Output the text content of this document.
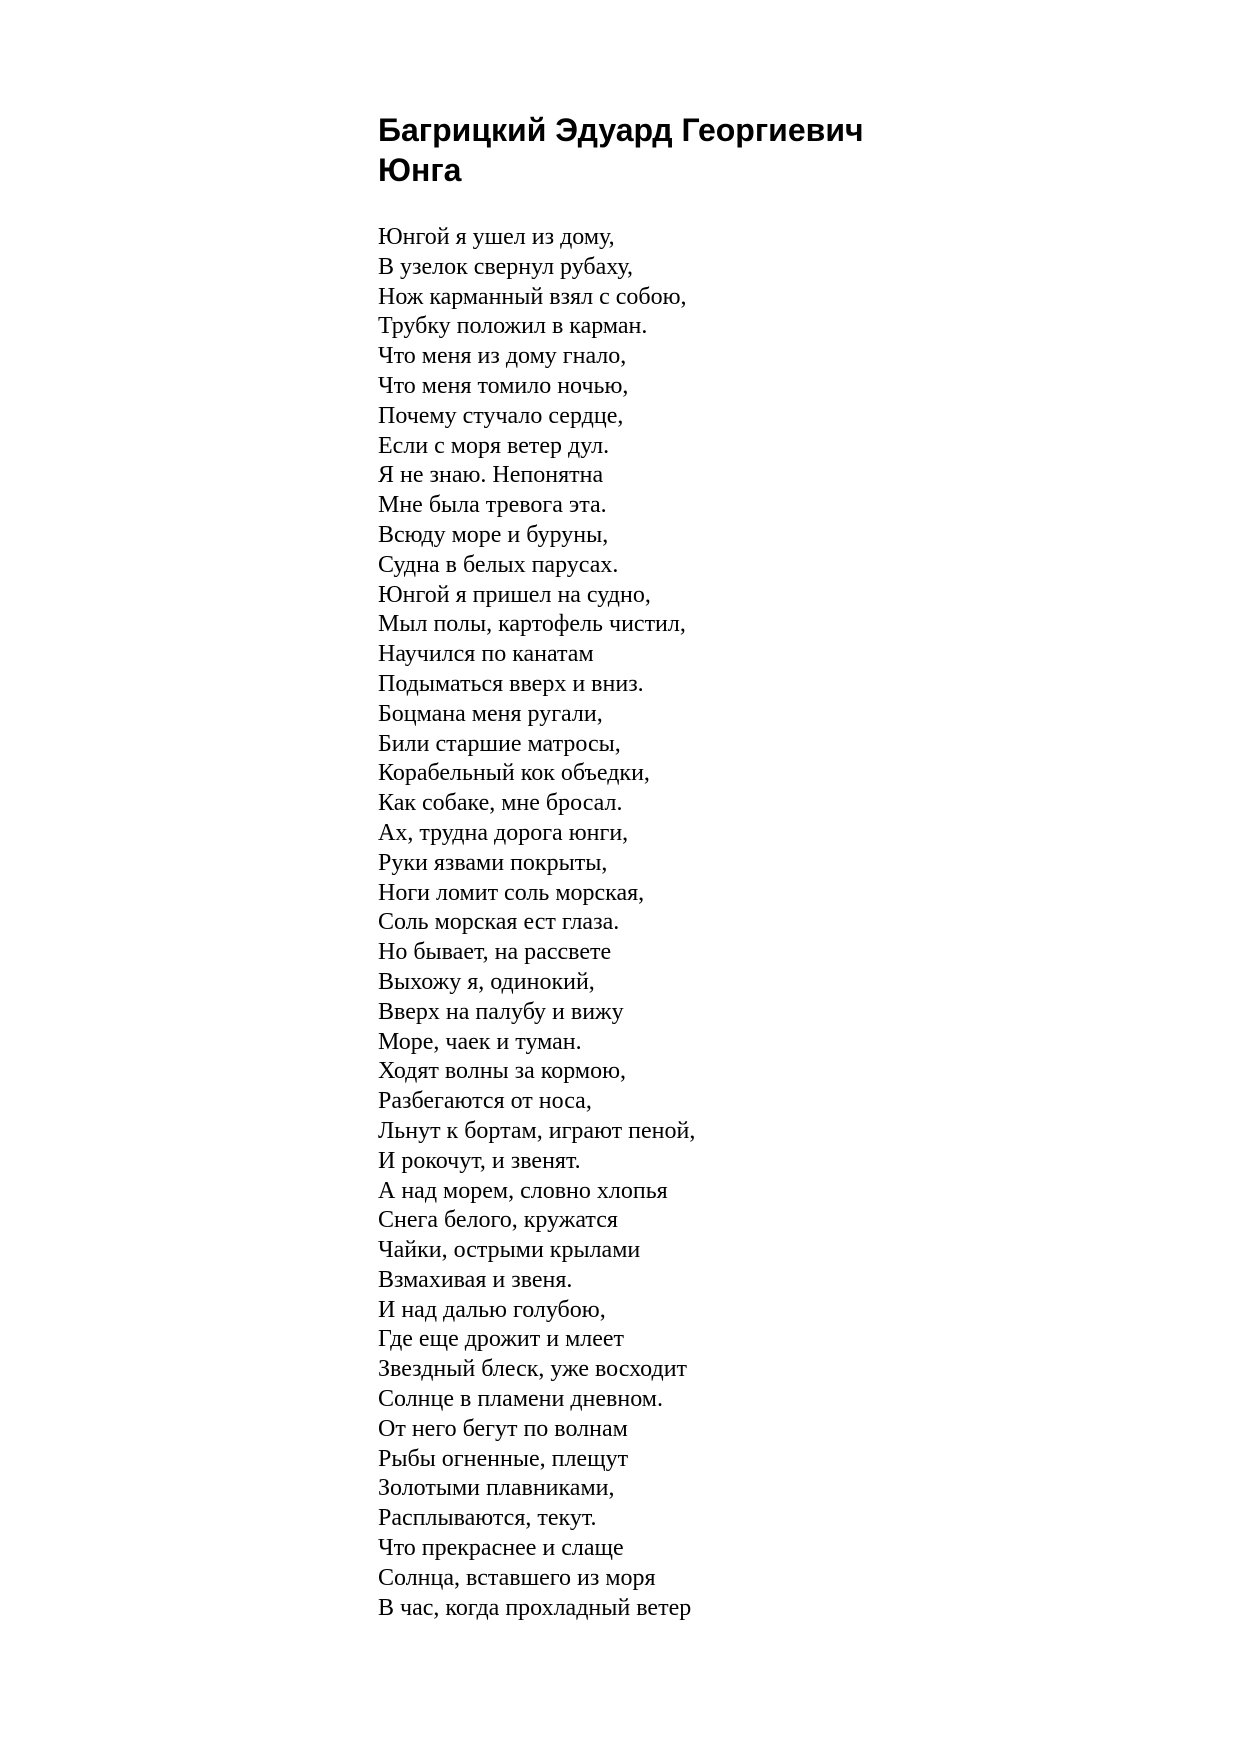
Багрицкий Эдуард Георгиевич
Юнга
Юнгой я ушел из дому,
В узелок свернул рубаху,
Нож карманный взял с собою,
Трубку положил в карман.
Что меня из дому гнало,
Что меня томило ночью,
Почему стучало сердце,
Если с моря ветер дул.
Я не знаю. Непонятна
Мне была тревога эта.
Всюду море и буруны,
Судна в белых парусах.
Юнгой я пришел на судно,
Мыл полы, картофель чистил,
Научился по канатам
Подыматься вверх и вниз.
Боцмана меня ругали,
Били старшие матросы,
Корабельный кок объедки,
Как собаке, мне бросал.
Ах, трудна дорога юнги,
Руки язвами покрыты,
Ноги ломит соль морская,
Соль морская ест глаза.
Но бывает, на рассвете
Выхожу я, одинокий,
Вверх на палубу и вижу
Море, чаек и туман.
Ходят волны за кормою,
Разбегаются от носа,
Льнут к бортам, играют пеной,
И рокочут, и звенят.
А над морем, словно хлопья
Снега белого, кружатся
Чайки, острыми крылами
Взмахивая и звеня.
И над далью голубою,
Где еще дрожит и млеет
Звездный блеск, уже восходит
Солнце в пламени дневном.
От него бегут по волнам
Рыбы огненные, плещут
Золотыми плавниками,
Расплываются, текут.
Что прекраснее и слаще
Солнца, вставшего из моря
В час, когда прохладный ветер
